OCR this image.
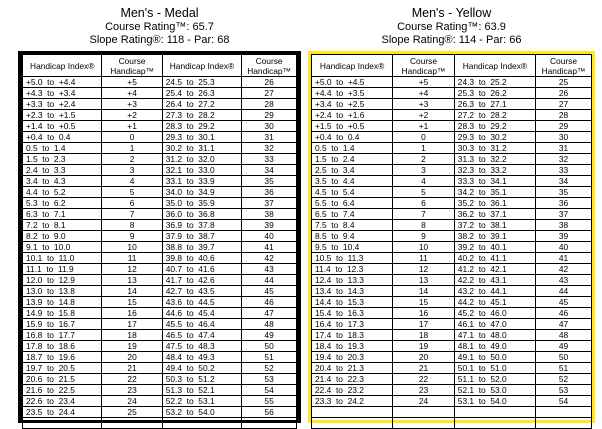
Men's - Medal
Course Rating™: 65.7
Slope Rating®: 118 - Par: 68
Handicap Index®	Course Handicap™	Handicap Index®	Course Handicap™
+5.0  to  +4.4	+5	24.5  to  25.3	26
+4.3  to  +3.4	+4	25.4  to  26.3	27
+3.3  to  +2.4	+3	26.4  to  27.2	28
+2.3  to  +1.5	+2	27.3  to  28.2	29
+1.4  to  +0.5	+1	28.3  to  29.2	30
+0.4  to  0.4	0	29.3  to  30.1	31
0.5  to  1.4	1	30.2  to  31.1	32
1.5  to  2.3	2	31.2  to  32.0	33
2.4  to  3.3	3	32.1  to  33.0	34
3.4  to  4.3	4	33.1  to  33.9	35
4.4  to  5.2	5	34.0  to  34.9	36
5.3  to  6.2	6	35.0  to  35.9	37
6.3  to  7.1	7	36.0  to  36.8	38
7.2  to  8.1	8	36.9  to  37.8	39
8.2  to  9.0	9	37.9  to  38.7	40
9.1  to  10.0	10	38.8  to  39.7	41
10.1  to  11.0	11	39.8  to  40.6	42
11.1  to  11.9	12	40.7  to  41.6	43
12.0  to  12.9	13	41.7  to  42.6	44
13.0  to  13.8	14	42.7  to  43.5	45
13.9  to  14.8	15	43.6  to  44.5	46
14.9  to  15.8	16	44.6  to  45.4	47
15.9  to  16.7	17	45.5  to  46.4	48
16.8  to  17.7	18	46.5  to  47.4	49
17.8  to  18.6	19	47.5  to  48.3	50
18.7  to  19.6	20	48.4  to  49.3	51
19.7  to  20.5	21	49.4  to  50.2	52
20.6  to  21.5	22	50.3  to  51.2	53
21.6  to  22.5	23	51.3  to  52.1	54
22.6  to  23.4	24	52.2  to  53.1	55
23.5  to  24.4	25	53.2  to  54.0	56

Men's - Yellow
Course Rating™: 63.9
Slope Rating®: 114 - Par: 66
Handicap Index®	Course Handicap™	Handicap Index®	Course Handicap™
+5.0  to  +4.5	+5	24.3  to  25.2	25
+4.4  to  +3.5	+4	25.3  to  26.2	26
+3.4  to  +2.5	+3	26.3  to  27.1	27
+2.4  to  +1.6	+2	27.2  to  28.2	28
+1.5  to  +0.5	+1	28.3  to  29.2	29
+0.4  to  0.4	0	29.3  to  30.2	30
0.5  to  1.4	1	30.3  to  31.2	31
1.5  to  2.4	2	31.3  to  32.2	32
2.5  to  3.4	3	32.3  to  33.2	33
3.5  to  4.4	4	33.3  to  34.1	34
4.5  to  5.4	5	34.2  to  35.1	35
5.5  to  6.4	6	35.2  to  36.1	36
6.5  to  7.4	7	36.2  to  37.1	37
7.5  to  8.4	8	37.2  to  38.1	38
8.5  to  9.4	9	38.2  to  39.1	39
9.5  to  10.4	10	39.2  to  40.1	40
10.5  to  11.3	11	40.2  to  41.1	41
11.4  to  12.3	12	41.2  to  42.1	42
12.4  to  13.3	13	42.2  to  43.1	43
13.4  to  14.3	14	43.2  to  44.1	44
14.4  to  15.3	15	44.2  to  45.1	45
15.4  to  16.3	16	45.2  to  46.0	46
16.4  to  17.3	17	46.1  to  47.0	47
17.4  to  18.3	18	47.1  to  48.0	48
18.4  to  19.3	19	48.1  to  49.0	49
19.4  to  20.3	20	49.1  to  50.0	50
20.4  to  21.3	21	50.1  to  51.0	51
21.4  to  22.3	22	51.1  to  52.0	52
22.4  to  23.2	23	52.1  to  53.0	53
23.3  to  24.2	24	53.1  to  54.0	54
